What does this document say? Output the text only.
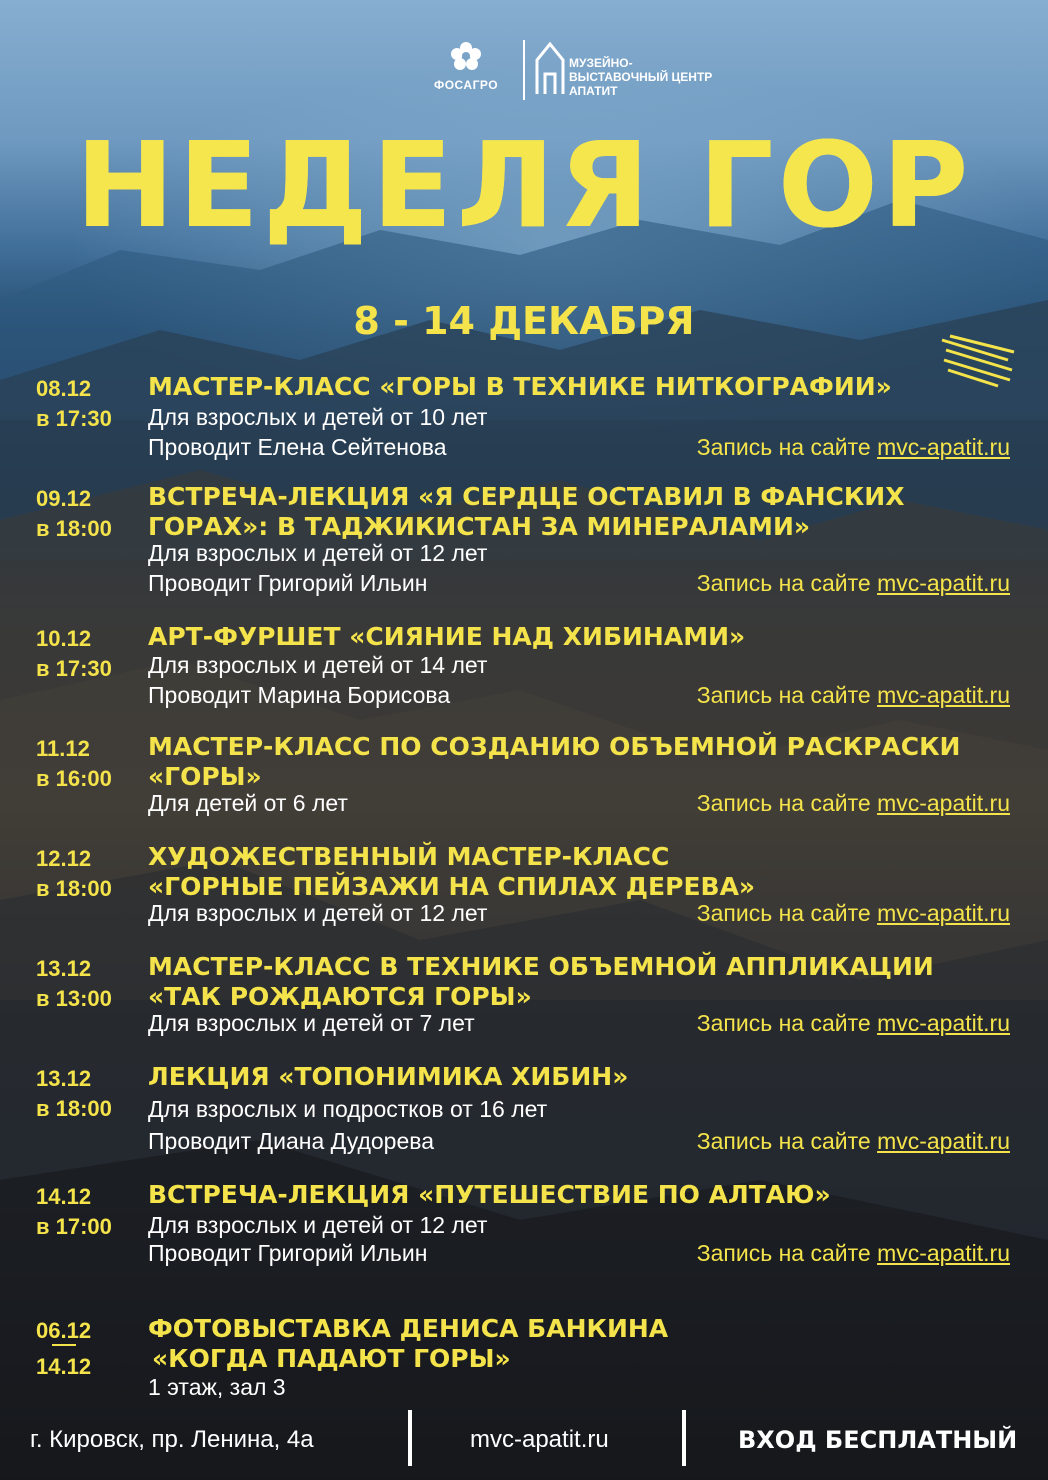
ФОСАГРО
МУЗЕЙНО-
ВЫСТАВОЧНЫЙ ЦЕНТР
АПАТИТ
НЕДЕЛЯ ГОР
8 - 14 ДЕКАБРЯ
08.12
в 17:30
МАСТЕР-КЛАСС «ГОРЫ В ТЕХНИКЕ НИТКОГРАФИИ»
Для взрослых и детей от 10 лет
Проводит Елена Сейтенова	Запись на сайте mvc-apatit.ru
09.12
в 18:00
ВСТРЕЧА-ЛЕКЦИЯ «Я СЕРДЦЕ ОСТАВИЛ В ФАНСКИХ
ГОРАХ»: В ТАДЖИКИСТАН ЗА МИНЕРАЛАМИ»
Для взрослых и детей от 12 лет
Проводит Григорий Ильин	Запись на сайте mvc-apatit.ru
10.12
в 17:30
АРТ-ФУРШЕТ «СИЯНИЕ НАД ХИБИНАМИ»
Для взрослых и детей от 14 лет
Проводит Марина Борисова	Запись на сайте mvc-apatit.ru
11.12
в 16:00
МАСТЕР-КЛАСС ПО СОЗДАНИЮ ОБЪЕМНОЙ РАСКРАСКИ
«ГОРЫ»
Для детей от 6 лет	Запись на сайте mvc-apatit.ru
12.12
в 18:00
ХУДОЖЕСТВЕННЫЙ МАСТЕР-КЛАСС
«ГОРНЫЕ ПЕЙЗАЖИ НА СПИЛАХ ДЕРЕВА»
Для взрослых и детей от 12 лет	Запись на сайте mvc-apatit.ru
13.12
в 13:00
МАСТЕР-КЛАСС В ТЕХНИКЕ ОБЪЕМНОЙ АППЛИКАЦИИ
«ТАК РОЖДАЮТСЯ ГОРЫ»
Для взрослых и детей от 7 лет	Запись на сайте mvc-apatit.ru
13.12
в 18:00
ЛЕКЦИЯ «ТОПОНИМИКА ХИБИН»
Для взрослых и подростков от 16 лет
Проводит Диана Дудорева	Запись на сайте mvc-apatit.ru
14.12
в 17:00
ВСТРЕЧА-ЛЕКЦИЯ «ПУТЕШЕСТВИЕ ПО АЛТАЮ»
Для взрослых и детей от 12 лет
Проводит Григорий Ильин	Запись на сайте mvc-apatit.ru
06.12
14.12
ФОТОВЫСТАВКА ДЕНИСА БАНКИНА
«КОГДА ПАДАЮТ ГОРЫ»
1 этаж, зал 3
г. Кировск, пр. Ленина, 4а	mvc-apatit.ru	ВХОД БЕСПЛАТНЫЙ
